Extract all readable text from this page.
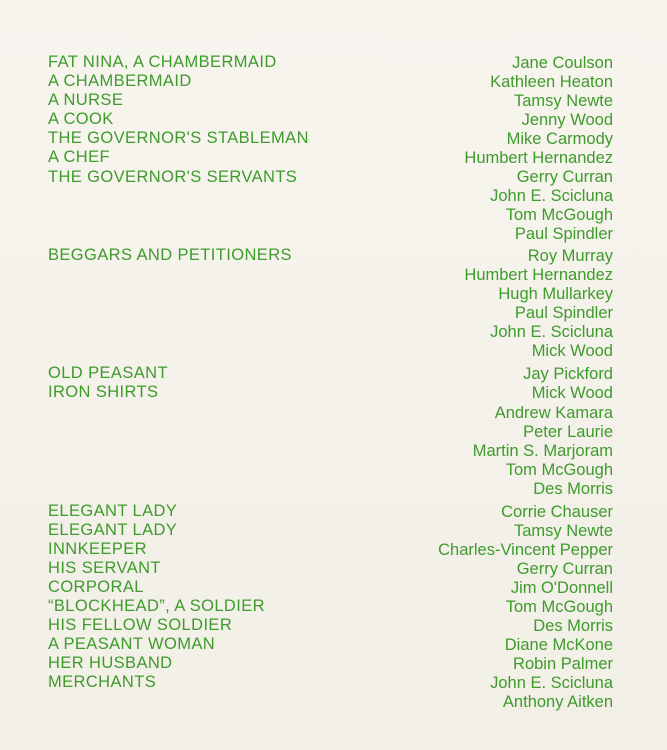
FAT NINA, A CHAMBERMAID
A CHAMBERMAID
A NURSE
A COOK
THE GOVERNOR'S STABLEMAN
A CHEF
THE GOVERNOR'S SERVANTS
Jane Coulson
Kathleen Heaton
Tamsy Newte
Jenny Wood
Mike Carmody
Humbert Hernandez
Gerry Curran
John E. Scicluna
Tom McGough
Paul Spindler
BEGGARS AND PETITIONERS	Roy Murray
Humbert Hernandez
Hugh Mullarkey
Paul Spindler
John E. Scicluna
Mick Wood
OLD PEASANT
IRON SHIRTS
Jay Pickford
Mick Wood
Andrew Kamara
Peter Laurie
Martin S. Marjoram
Tom McGough
Des Morris
ELEGANT LADY
ELEGANT LADY
INNKEEPER
HIS SERVANT
CORPORAL
“BLOCKHEAD”, A SOLDIER
HIS FELLOW SOLDIER
A PEASANT WOMAN
HER HUSBAND
MERCHANTS
Corrie Chauser
Tamsy Newte
Charles-Vincent Pepper
Gerry Curran
Jim O'Donnell
Tom McGough
Des Morris
Diane McKone
Robin Palmer
John E. Scicluna
Anthony Aitken
